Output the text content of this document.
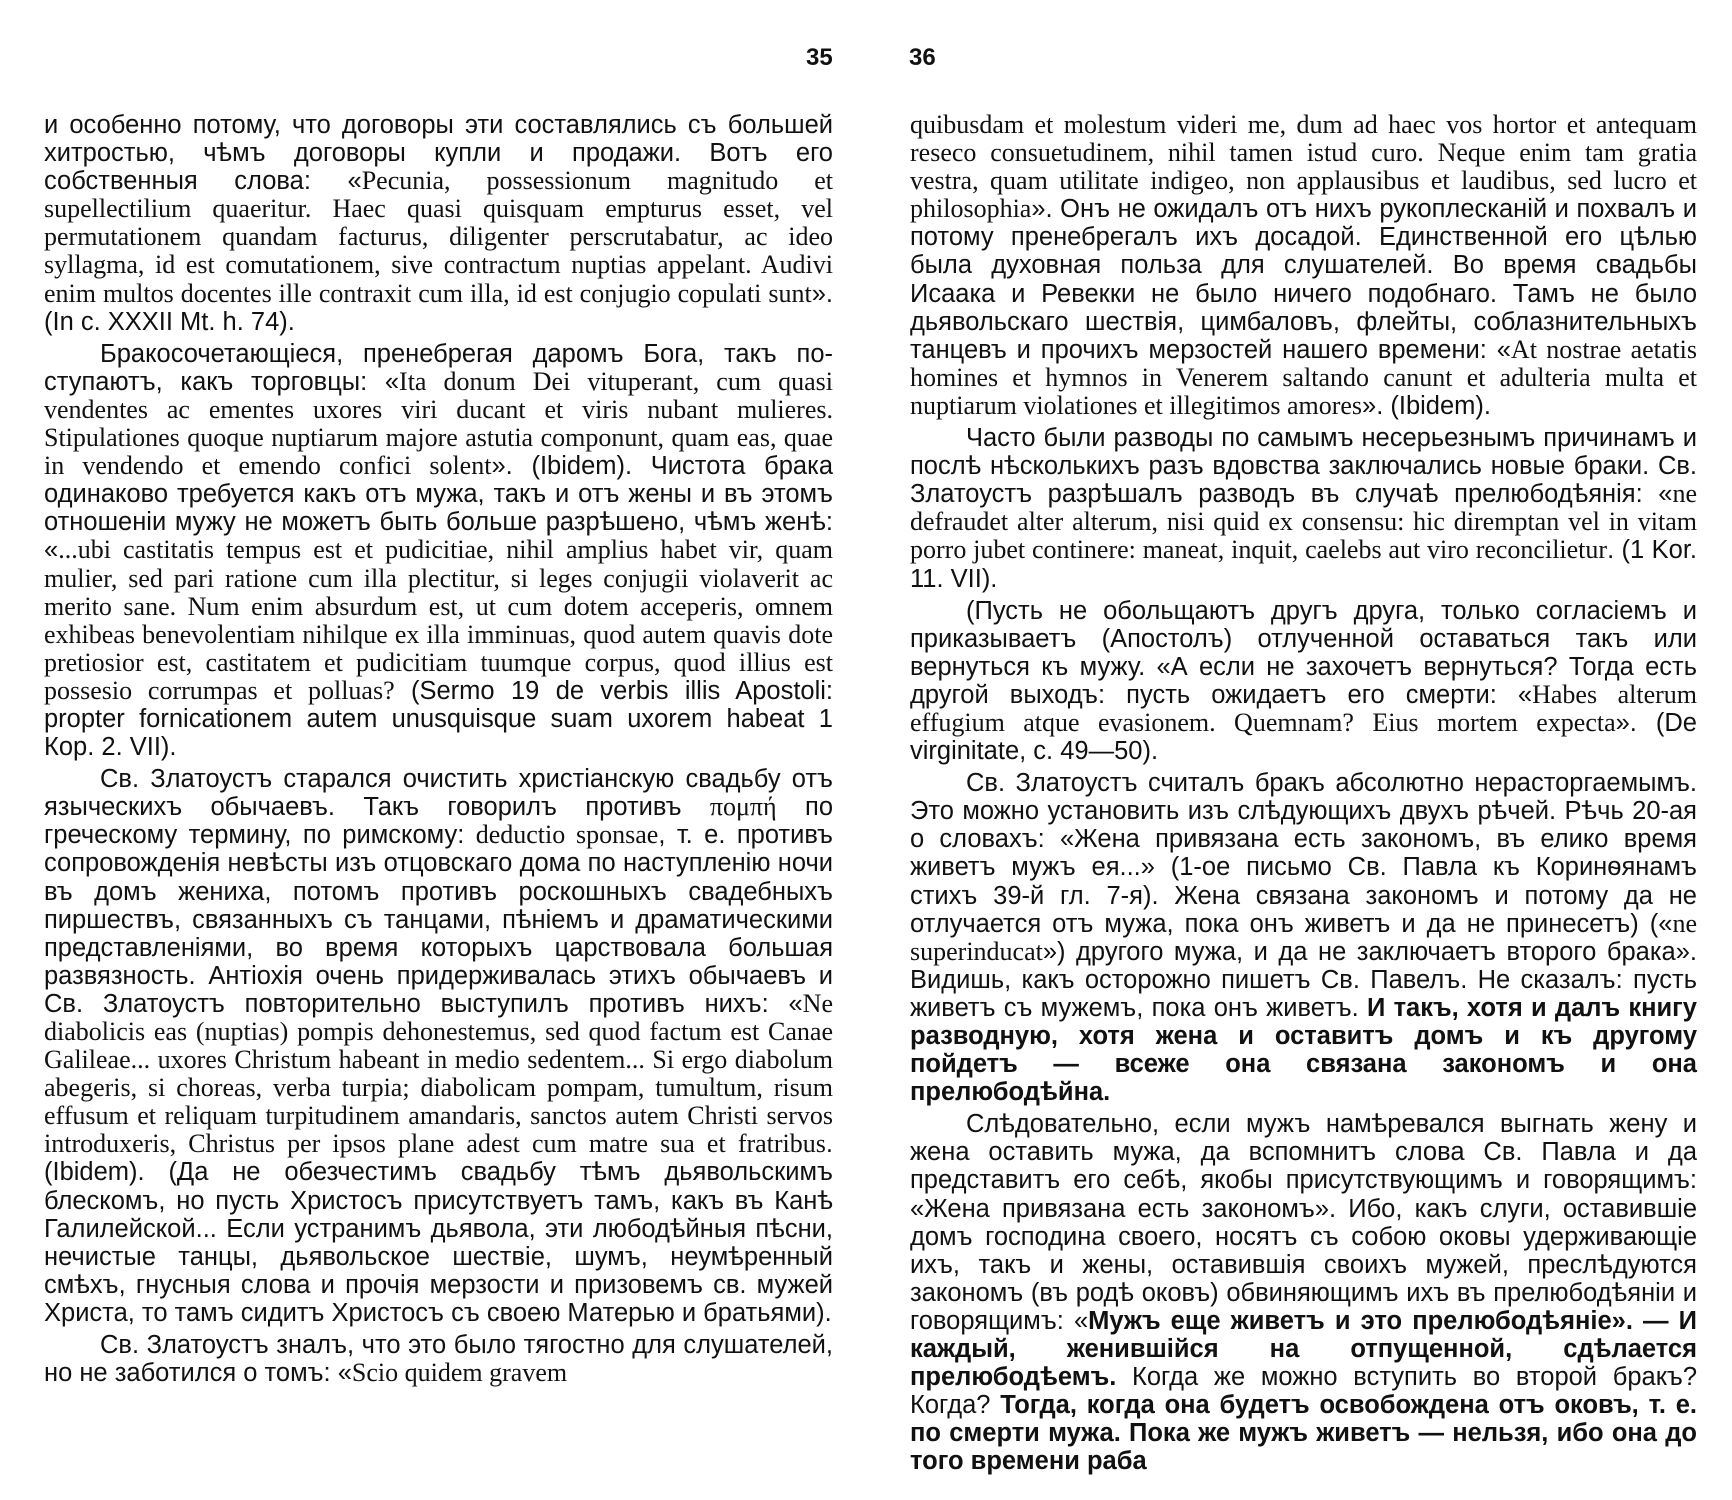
35

и особенно потому, что договоры эти составлялись съ большей хитростью, чѣмъ договоры купли и продажи. Вотъ его собственныя слова: «Pecunia, possessionum magnitudo et supellectilium quaeritur. Haec quasi quisquam empturus esset, vel permutationem quandam facturus, diligenter perscrutabatur, ac ideo syllagma, id est comutationem, sive contractum nuptias appelant. Audivi enim multos docentes ille contraxit cum illa, id est conjugio copulati sunt». (In c. XXXII Mt. h. 74).

Бракосочетающіеся, пренебрегая даромъ Бога, такъ поступаютъ, какъ торговцы: «Ita donum Dei vituperant, cum quasi vendentes ac ementes uxores viri ducant et viris nubant mulieres. Stipulationes quoque nuptiarum majore astutia componunt, quam eas, quae in vendendo et emendo confici solent». (Ibidem). Чистота брака одинаково требуется какъ отъ мужа, такъ и отъ жены и въ этомъ отношеніи мужу не можетъ быть больше разрѣшено, чѣмъ женѣ: «...ubi castitatis tempus est et pudicitiae, nihil amplius habet vir, quam mulier, sed pari ratione cum illa plectitur, si leges conjugii violaverit ac merito sane. Num enim absurdum est, ut cum dotem acceperis, omnem exhibeas benevolentiam nihilque ex illa imminuas, quod autem quavis dote pretiosior est, castitatem et pudicitiam tuumque corpus, quod illius est possesio corrumpas et polluas? (Sermo 19 de verbis illis Apostoli: propter fornicationem autem unusquisque suam uxorem habeat 1 Кор. 2. VII).

Св. Златоустъ старался очистить христіанскую свадьбу отъ языческихъ обычаевъ. Такъ говорилъ противъ πομπή по греческому термину, по римскому: deductio sponsae, т. е. противъ сопровожденія невѣсты изъ отцовскаго дома по наступленію ночи въ домъ жениха, потомъ противъ роскошныхъ свадебныхъ пиршествъ, связанныхъ съ танцами, пѣніемъ и драматическими представленіями, во время которыхъ царствовала большая развязность. Антіохія очень придерживалась этихъ обычаевъ и Св. Златоустъ повторительно выступилъ противъ нихъ: «Ne diabolicis eas (nuptias) pompis dehonestemus, sed quod factum est Canae Galileae... uxores Christum habeant in medio sedentem... Si ergo diabolum abegeris, si choreas, verba turpia; diabolicam pompam, tumultum, risum effusum et reliquam turpitudinem amandaris, sanctos autem Christi servos introduxeris, Christus per ipsos plane adest cum matre sua et fratribus. (Ibidem). (Да не обезчестимъ свадьбу тѣмъ дьявольскимъ блескомъ, но пусть Христосъ присутствуетъ тамъ, какъ въ Канѣ Галилейской... Если устранимъ дьявола, эти любодѣйныя пѣсни, нечистые танцы, дьявольское шествіе, шумъ, неумѣренный смѣхъ, гнусныя слова и прочія мерзости и призовемъ св. мужей Христа, то тамъ сидитъ Христосъ съ своею Матерью и братьями).

Св. Златоустъ зналъ, что это было тягостно для слушателей, но не заботился о томъ: «Scio quidem gravem

36

quibusdam et molestum videri me, dum ad haec vos hortor et antequam reseco consuetudinem, nihil tamen istud curo. Neque enim tam gratia vestra, quam utilitate indigeo, non applausibus et laudibus, sed lucro et philosophia». Онъ не ожидалъ отъ нихъ рукоплесканій и похвалъ и потому пренебрегалъ ихъ досадой. Единственной его цѣлью была духовная польза для слушателей. Во время свадьбы Исаака и Ревекки не было ничего подобнаго. Тамъ не было дьявольскаго шествія, цимбаловъ, флейты, соблазнительныхъ танцевъ и прочихъ мерзостей нашего времени: «At nostrae aetatis homines et hymnos in Venerem saltando canunt et adulteria multa et nuptiarum violationes et illegitimos amores». (Ibidem).

Часто были разводы по самымъ несерьезнымъ причинамъ и послѣ нѣсколькихъ разъ вдовства заключались новые браки. Св. Златоустъ разрѣшалъ разводъ въ случаѣ прелюбодѣянія: «ne defraudet alter alterum, nisi quid ex consensu: hic diremptan vel in vitam porro jubet continere: maneat, inquit, caelebs aut viro reconcilietur. (1 Kor. 11. VII).

(Пусть не обольщаютъ другъ друга, только согласіемъ и приказываетъ (Апостолъ) отлученной оставаться такъ или вернуться къ мужу. «А если не захочетъ вернуться? Тогда есть другой выходъ: пусть ожидаетъ его смерти: «Habes alterum effugium atque evasionem. Quemnam? Eius mortem expecta». (De virginitate, c. 49—50).

Св. Златоустъ считалъ бракъ абсолютно нерасторгаемымъ. Это можно установить изъ слѣдующихъ двухъ рѣчей. Рѣчь 20-ая о словахъ: «Жена привязана есть закономъ, въ елико время живетъ мужъ ея...» (1-ое письмо Св. Павла къ Коринѳянамъ стихъ 39-й гл. 7-я). Жена связана закономъ и потому да не отлучается отъ мужа, пока онъ живетъ и да не принесетъ) («ne superinducat») другого мужа, и да не заключаетъ второго брака». Видишь, какъ осторожно пишетъ Св. Павелъ. Не сказалъ: пусть живетъ съ мужемъ, пока онъ живетъ. И такъ, хотя и далъ книгу разводную, хотя жена и оставитъ домъ и къ другому пойдетъ — всеже она связана закономъ и она прелюбодѣйна.

Слѣдовательно, если мужъ намѣревался выгнать жену и жена оставить мужа, да вспомнитъ слова Св. Павла и да представитъ его себѣ, якобы присутствующимъ и говорящимъ: «Жена привязана есть закономъ». Ибо, какъ слуги, оставившіе домъ господина своего, носятъ съ собою оковы удерживающіе ихъ, такъ и жены, оставившія своихъ мужей, преслѣдуются закономъ (въ родѣ оковъ) обвиняющимъ ихъ въ прелюбодѣяніи и говорящимъ: «Мужъ еще живетъ и это прелюбодѣяніе». — И каждый, женившійся на отпущенной, сдѣлается прелюбодѣемъ. Когда же можно вступить во второй бракъ? Когда? Тогда, когда она будетъ освобождена отъ оковъ, т. е. по смерти мужа. Пока же мужъ живетъ — нельзя, ибо она до того времени раба
